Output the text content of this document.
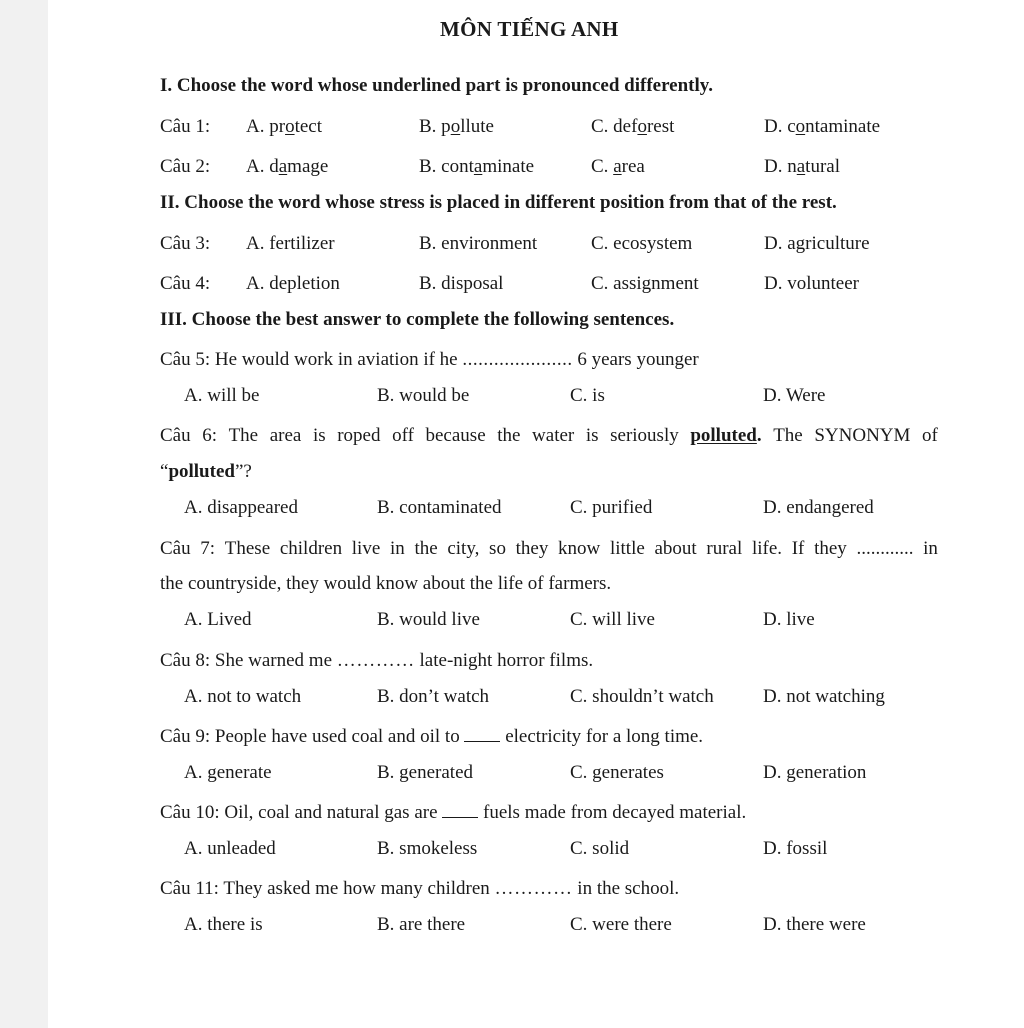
MÔN TIẾNG ANH
I. Choose the word whose underlined part is pronounced differently.
Câu 1: A. protect	B. pollute	C. deforest	D. contaminate
Câu 2: A. damage	B. contaminate	C. area	D. natural
II. Choose the word whose stress is placed in different position from that of the rest.
Câu 3: A. fertilizer	B. environment	C. ecosystem	D. agriculture
Câu 4: A. depletion	B. disposal	C. assignment	D. volunteer
III. Choose the best answer to complete the following sentences.
Câu 5: He would work in aviation if he ..................... 6 years younger
A. will be	B. would be	C. is	D. Were
Câu 6: The area is roped off because the water is seriously polluted. The SYNONYM of
“polluted”?
A. disappeared	B. contaminated	C. purified	D. endangered
Câu 7: These children live in the city, so they know little about rural life. If they ............ in
the countryside, they would know about the life of farmers.
A. Lived	B. would live	C. will live	D. live
Câu 8: She warned me ………… late-night horror films.
A. not to watch	B. don’t watch	C. shouldn’t watch	D. not watching
Câu 9: People have used coal and oil to  electricity for a long time.
A. generate	B. generated	C. generates	D. generation
Câu 10: Oil, coal and natural gas are  fuels made from decayed material.
A. unleaded	B. smokeless	C. solid	D. fossil
Câu 11: They asked me how many children ………… in the school.
A. there is	B. are there	C. were there	D. there were
